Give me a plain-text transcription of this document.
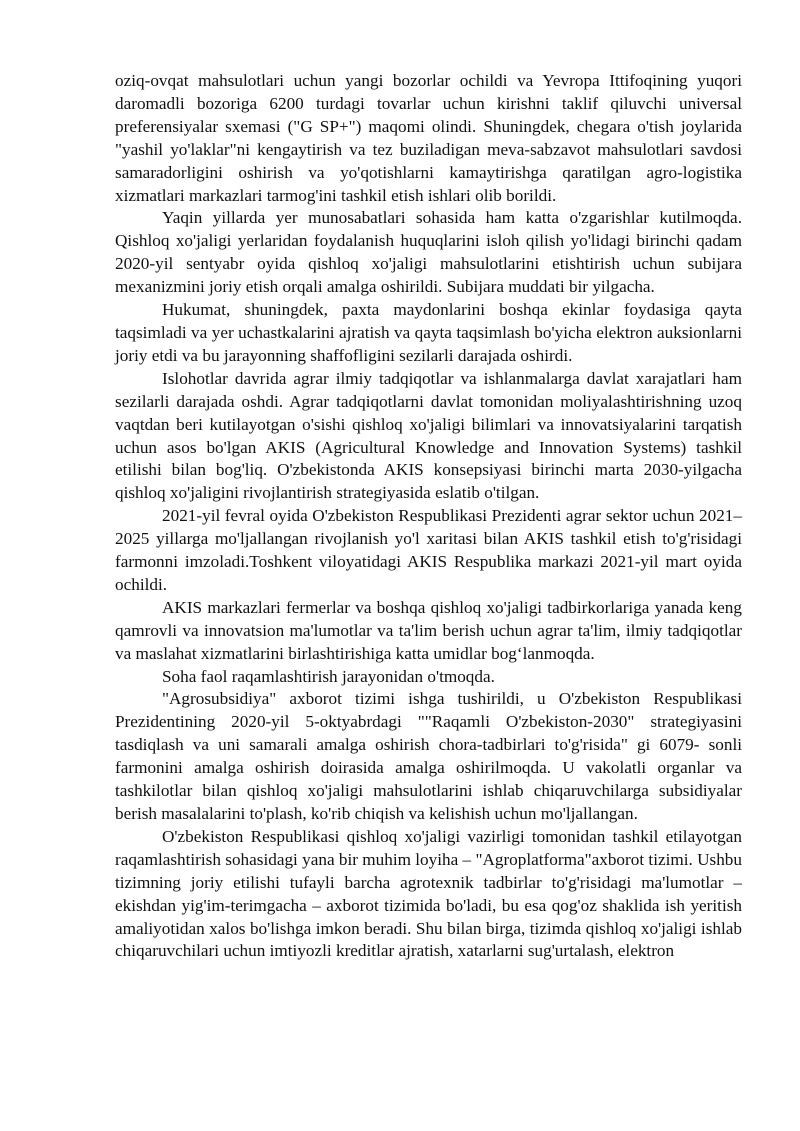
oziq-ovqat mahsulotlari uchun yangi bozorlar ochildi va Yevropa Ittifoqining yuqori daromadli bozoriga 6200 turdagi tovarlar uchun kirishni taklif qiluvchi universal preferensiyalar sxemasi ("G SP+") maqomi olindi. Shuningdek, chegara o'tish joylarida "yashil yo'laklar"ni kengaytirish va tez buziladigan meva-sabzavot mahsulotlari savdosi samaradorligini oshirish va yo'qotishlarni kamaytirishga qaratilgan agro-logistika xizmatlari markazlari tarmog'ini tashkil etish ishlari olib borildi.

Yaqin yillarda yer munosabatlari sohasida ham katta o'zgarishlar kutilmoqda. Qishloq xo'jaligi yerlaridan foydalanish huquqlarini isloh qilish yo'lidagi birinchi qadam 2020-yil sentyabr oyida qishloq xo'jaligi mahsulotlarini etishtirish uchun subijara mexanizmini joriy etish orqali amalga oshirildi. Subijara muddati bir yilgacha.

Hukumat, shuningdek, paxta maydonlarini boshqa ekinlar foydasiga qayta taqsimladi va yer uchastkalarini ajratish va qayta taqsimlash bo'yicha elektron auksionlarni joriy etdi va bu jarayonning shaffofligini sezilarli darajada oshirdi.

Islohotlar davrida agrar ilmiy tadqiqotlar va ishlanmalarga davlat xarajatlari ham sezilarli darajada oshdi. Agrar tadqiqotlarni davlat tomonidan moliyalashtirishning uzoq vaqtdan beri kutilayotgan o'sishi qishloq xo'jaligi bilimlari va innovatsiyalarini tarqatish uchun asos bo'lgan AKIS (Agricultural Knowledge and Innovation Systems) tashkil etilishi bilan bog'liq. O'zbekistonda AKIS konsepsiyasi birinchi marta 2030-yilgacha qishloq xo'jaligini rivojlantirish strategiyasida eslatib o'tilgan.

2021-yil fevral oyida O'zbekiston Respublikasi Prezidenti agrar sektor uchun 2021–2025 yillarga mo'ljallangan rivojlanish yo'l xaritasi bilan AKIS tashkil etish to'g'risidagi farmonni imzoladi.Toshkent viloyatidagi AKIS Respublika markazi 2021-yil mart oyida ochildi.

AKIS markazlari fermerlar va boshqa qishloq xo'jaligi tadbirkorlariga yanada keng qamrovli va innovatsion ma'lumotlar va ta'lim berish uchun agrar ta'lim, ilmiy tadqiqotlar va maslahat xizmatlarini birlashtirishiga katta umidlar bog‘lanmoqda.

Soha faol raqamlashtirish jarayonidan o'tmoqda.

"Agrosubsidiya" axborot tizimi ishga tushirildi, u O'zbekiston Respublikasi Prezidentining 2020-yil 5-oktyabrdagi ""Raqamli O'zbekiston-2030" strategiyasini tasdiqlash va uni samarali amalga oshirish chora-tadbirlari to'g'risida" gi 6079- sonli farmonini amalga oshirish doirasida amalga oshirilmoqda. U vakolatli organlar va tashkilotlar bilan qishloq xo'jaligi mahsulotlarini ishlab chiqaruvchilarga subsidiyalar berish masalalarini to'plash, ko'rib chiqish va kelishish uchun mo'ljallangan.

O'zbekiston Respublikasi qishloq xo'jaligi vazirligi tomonidan tashkil etilayotgan raqamlashtirish sohasidagi yana bir muhim loyiha – "Agroplatforma"axborot tizimi. Ushbu tizimning joriy etilishi tufayli barcha agrotexnik tadbirlar to'g'risidagi ma'lumotlar – ekishdan yig'im-terimgacha – axborot tizimida bo'ladi, bu esa qog'oz shaklida ish yeritish amaliyotidan xalos bo'lishga imkon beradi. Shu bilan birga, tizimda qishloq xo'jaligi ishlab chiqaruvchilari uchun imtiyozli kreditlar ajratish, xatarlarni sug'urtalash, elektron
